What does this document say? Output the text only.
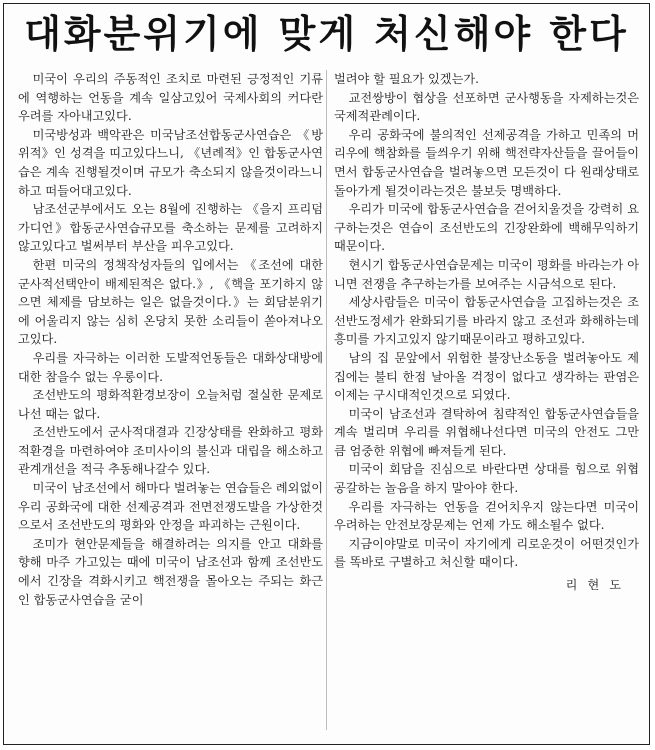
대화분위기에 맞게 처신해야 한다

미국이 우리의 주동적인 조치로 마련된 긍정적인 기류에 역행하는 언동을 계속 일삼고있어 국제사회의 커다란 우려를 자아내고있다.

미국방성과 백악관은 미국남조선합동군사연습은 《방위적》인 성격을 띠고있다느니, 《년례적》인 합동군사연습은 계속 진행될것이며 규모가 축소되지 않을것이라느니 하고 떠들어대고있다.

남조선군부에서도 오는 8월에 진행하는 《을지 프리덤 가디언》합동군사연습규모를 축소하는 문제를 고려하지 않고있다고 벌써부터 부산을 피우고있다.

한편 미국의 정책작성자들의 입에서는 《조선에 대한 군사적선택안이 배제된적은 없다.》, 《핵을 포기하지 않으면 체제를 담보하는 일은 없을것이다.》는 회담분위기에 어울리지 않는 심히 온당치 못한 소리들이 쏟아져나오고있다.

우리를 자극하는 이러한 도발적언동들은 대화상대방에 대한 참을수 없는 우롱이다.

조선반도의 평화적환경보장이 오늘처럼 절실한 문제로 나선 때는 없다.

조선반도에서 군사적대결과 긴장상태를 완화하고 평화적환경을 마련하여야 조미사이의 불신과 대립을 해소하고 관계개선을 적극 추동해나갈수 있다.

미국이 남조선에서 해마다 벌려놓는 연습들은 례외없이 우리 공화국에 대한 선제공격과 전면전쟁도발을 가상한것으로서 조선반도의 평화와 안정을 파괴하는 근원이다.

조미가 현안문제들을 해결하려는 의지를 안고 대화를 향해 마주 가고있는 때에 미국이 남조선과 함께 조선반도에서 긴장을 격화시키고 핵전쟁을 몰아오는 주되는 화근인 합동군사연습을 굳이

벌려야 할 필요가 있겠는가.

교전쌍방이 협상을 선포하면 군사행동을 자제하는것은 국제적관례이다.

우리 공화국에 불의적인 선제공격을 가하고 민족의 머리우에 핵참화를 들씌우기 위해 핵전략자산들을 끌어들이면서 합동군사연습을 벌려놓으면 모든것이 다 원래상태로 돌아가게 될것이라는것은 불보듯 명백하다.

우리가 미국에 합동군사연습을 걷어치울것을 강력히 요구하는것은 연습이 조선반도의 긴장완화에 백해무익하기때문이다.

현시기 합동군사연습문제는 미국이 평화를 바라는가 아니면 전쟁을 추구하는가를 보여주는 시금석으로 된다.

세상사람들은 미국이 합동군사연습을 고집하는것은 조선반도정세가 완화되기를 바라지 않고 조선과 화해하는데 흥미를 가지고있지 않기때문이라고 평하고있다.

남의 집 문앞에서 위험한 불장난소동을 벌려놓아도 제 집에는 불티 한점 날아올 걱정이 없다고 생각하는 판염은 이제는 구시대적인것으로 되였다.

미국이 남조선과 결탁하여 침략적인 합동군사연습들을 계속 벌리며 우리를 위협해나선다면 미국의 안전도 그만큼 엄중한 위협에 빠져들게 된다.

미국이 회담을 진심으로 바란다면 상대를 힘으로 위협공갈하는 놀음을 하지 말아야 한다.

우리를 자극하는 언동을 걷어치우지 않는다면 미국이 우려하는 안전보장문제는 언제 가도 해소될수 없다.

지금이야말로 미국이 자기에게 리로운것이 어떤것인가를 똑바로 구별하고 처신할 때이다.

리현도
